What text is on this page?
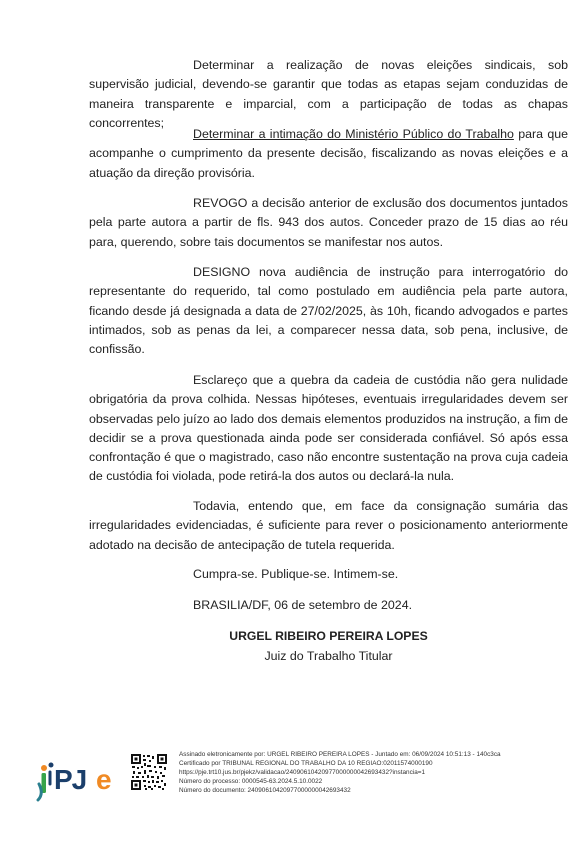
Determinar a realização de novas eleições sindicais, sob supervisão judicial, devendo-se garantir que todas as etapas sejam conduzidas de maneira transparente e imparcial, com a participação de todas as chapas concorrentes;

Determinar a intimação do Ministério Público do Trabalho para que acompanhe o cumprimento da presente decisão, fiscalizando as novas eleições e a atuação da direção provisória.

REVOGO a decisão anterior de exclusão dos documentos juntados pela parte autora a partir de fls. 943 dos autos. Conceder prazo de 15 dias ao réu para, querendo, sobre tais documentos se manifestar nos autos.

DESIGNO nova audiência de instrução para interrogatório do representante do requerido, tal como postulado em audiência pela parte autora, ficando desde já designada a data de 27/02/2025, às 10h, ficando advogados e partes intimados, sob as penas da lei, a comparecer nessa data, sob pena, inclusive, de confissão.

Esclareço que a quebra da cadeia de custódia não gera nulidade obrigatória da prova colhida. Nessas hipóteses, eventuais irregularidades devem ser observadas pelo juízo ao lado dos demais elementos produzidos na instrução, a fim de decidir se a prova questionada ainda pode ser considerada confiável. Só após essa confrontação é que o magistrado, caso não encontre sustentação na prova cuja cadeia de custódia foi violada, pode retirá-la dos autos ou declará-la nula.

Todavia, entendo que, em face da consignação sumária das irregularidades evidenciadas, é suficiente para rever o posicionamento anteriormente adotado na decisão de antecipação de tutela requerida.

Cumpra-se. Publique-se. Intimem-se.
BRASILIA/DF, 06 de setembro de 2024.
URGEL RIBEIRO PEREIRA LOPES
Juiz do Trabalho Titular
PJ e
Assinado eletronicamente por: URGEL RIBEIRO PEREIRA LOPES - Juntado em: 06/09/2024 10:51:13 - 140c3ca
Certificado por TRIBUNAL REGIONAL DO TRABALHO DA 10 REGIAO:02011574000190
https://pje.trt10.jus.br/pjekz/validacao/24090610420977000000042693432?instancia=1
Número do processo: 0000545-63.2024.5.10.0022
Número do documento: 24090610420977000000042693432
